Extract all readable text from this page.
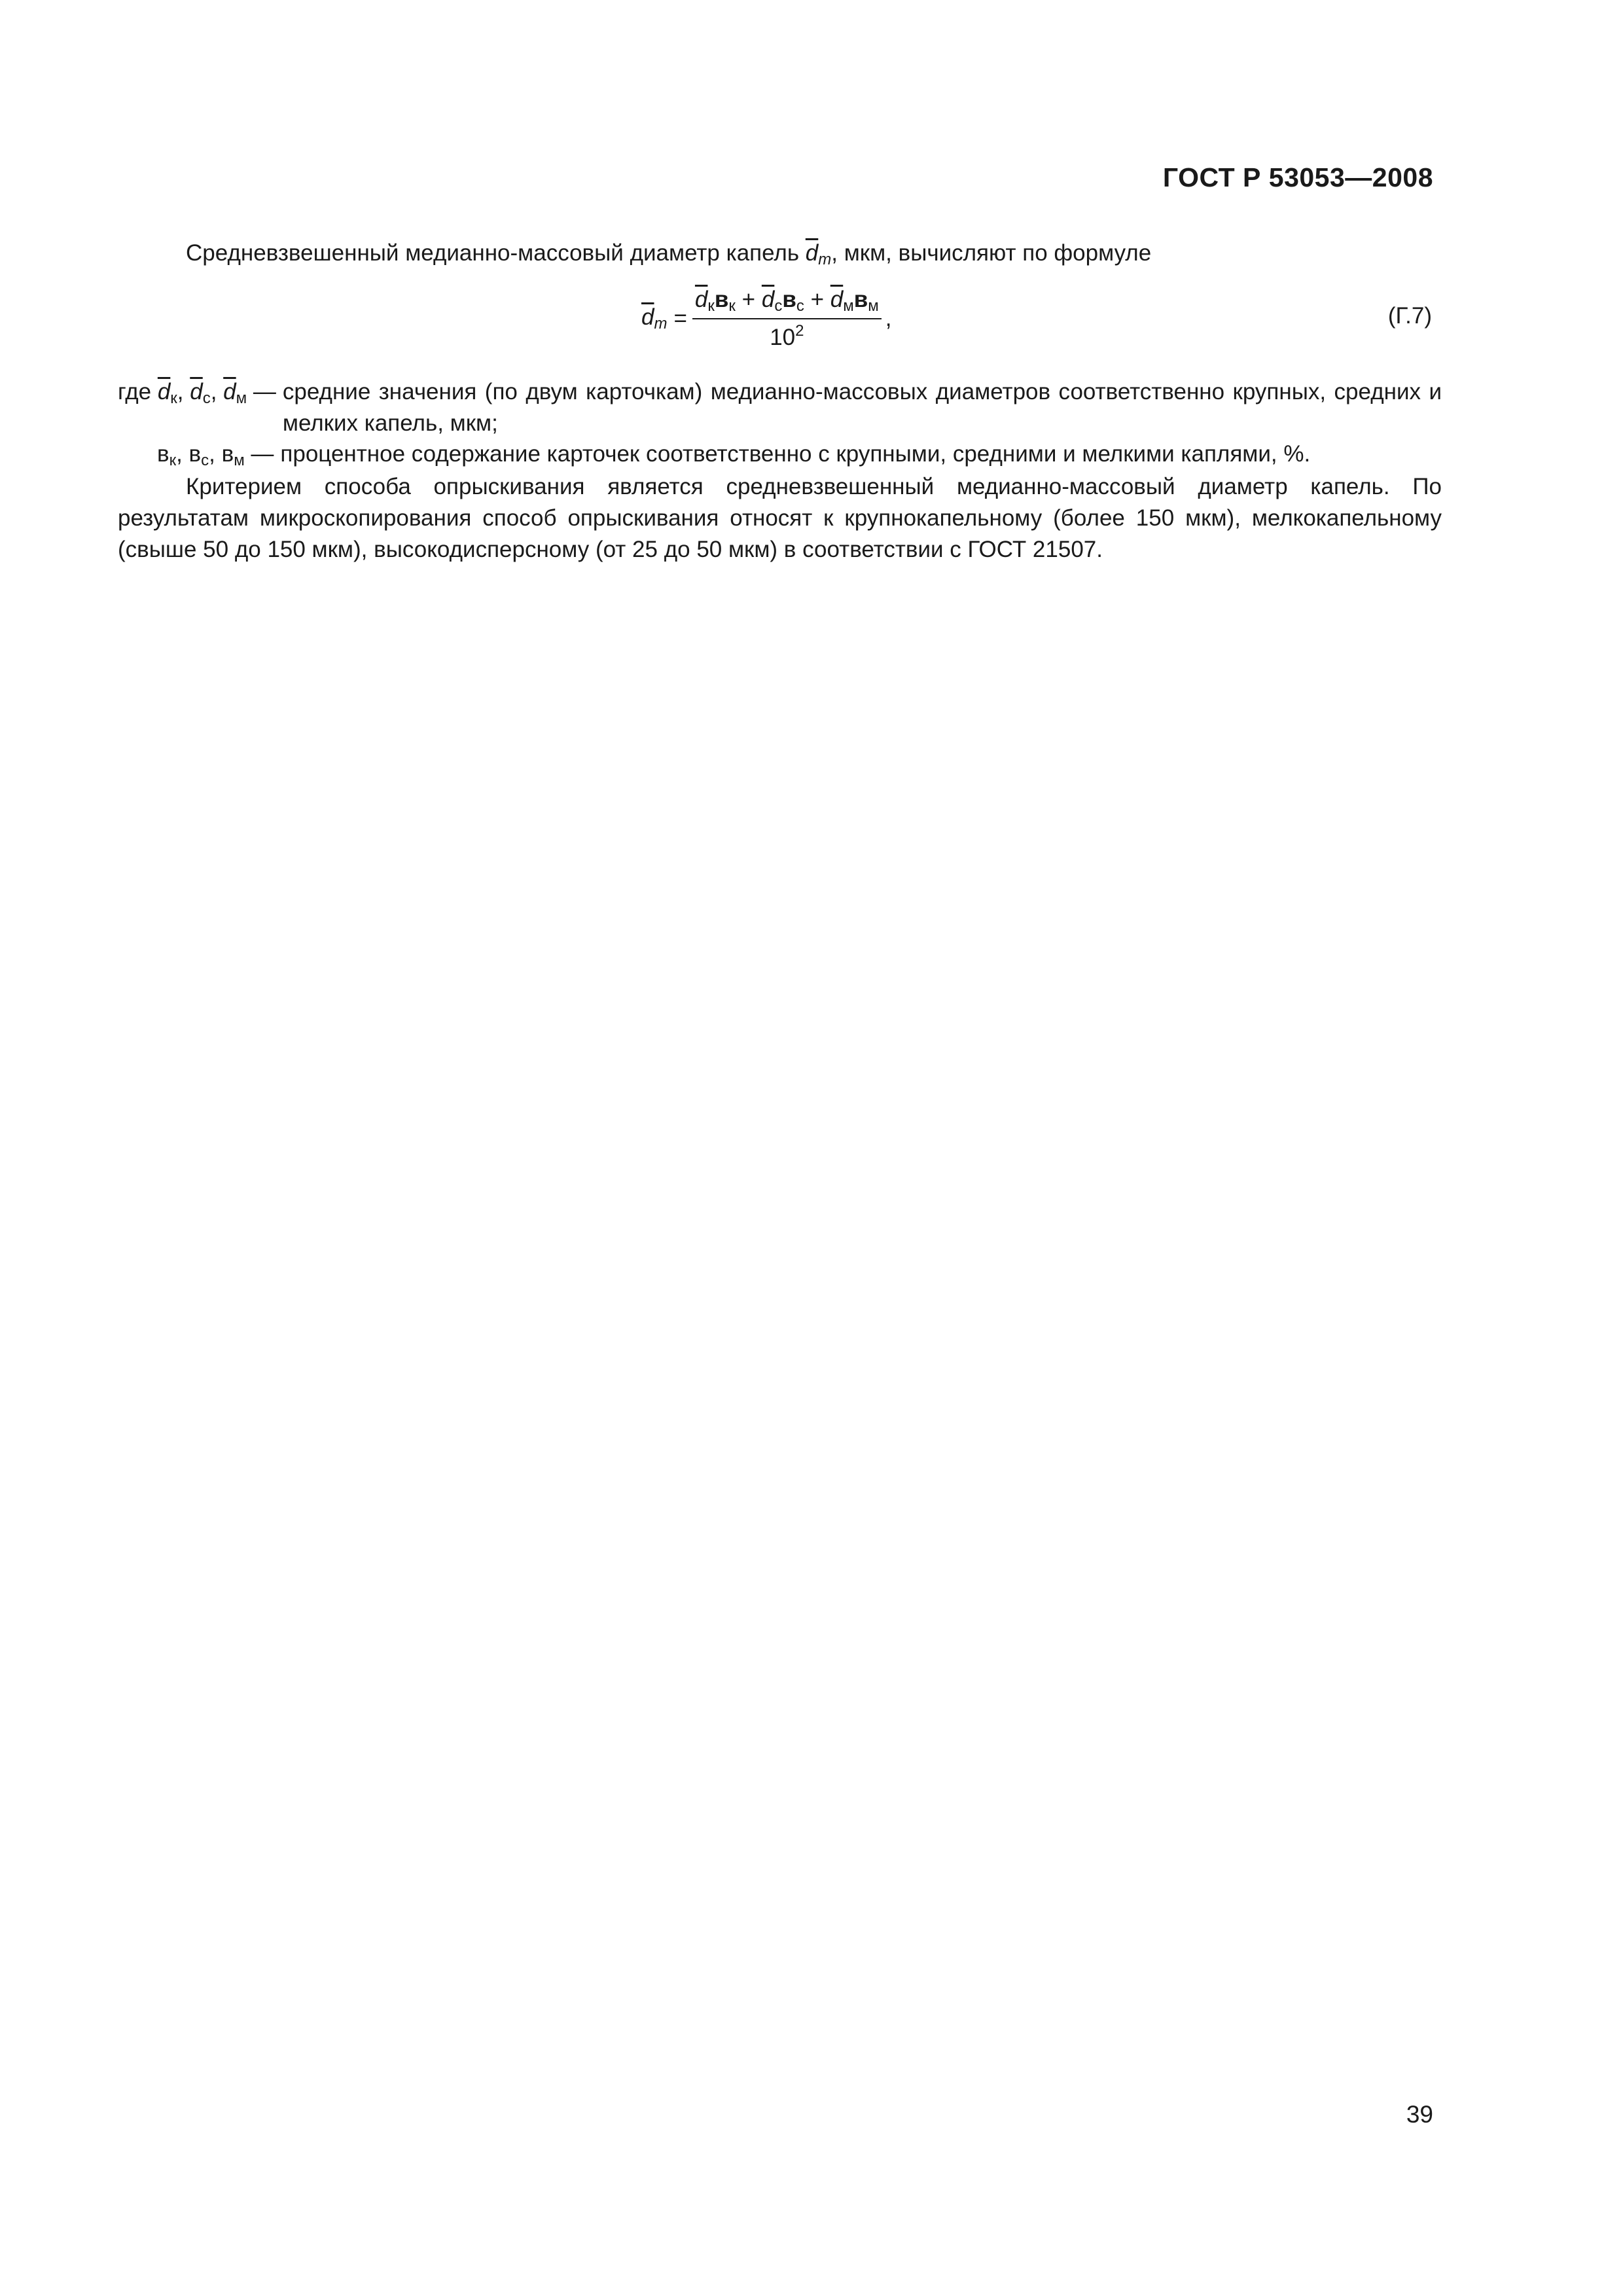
ГОСТ Р 53053—2008
Средневзвешенный медианно-массовый диаметр капель $\overline{d}_m$, мкм, вычисляют по формуле
$\overline{d}_m = \frac{\overline{d}_кв_к + \overline{d}_св_с + \overline{d}_мв_м}{10^2}$ ,	(Г.7)
где $\overline{d}_к$, $\overline{d}_с$, $\overline{d}_м$ — средние значения (по двум карточкам) медианно-массовых диаметров соответственно крупных, средних и мелких капель, мкм;
$в_к$, $в_с$, $в_м$ — процентное содержание карточек соответственно с крупными, средними и мелкими каплями, %.
Критерием способа опрыскивания является средневзвешенный медианно-массовый диаметр капель. По результатам микроскопирования способ опрыскивания относят к крупнокапельному (более 150 мкм), мелкокапельному (свыше 50 до 150 мкм), высокодисперсному (от 25 до 50 мкм) в соответствии с ГОСТ 21507.
39
